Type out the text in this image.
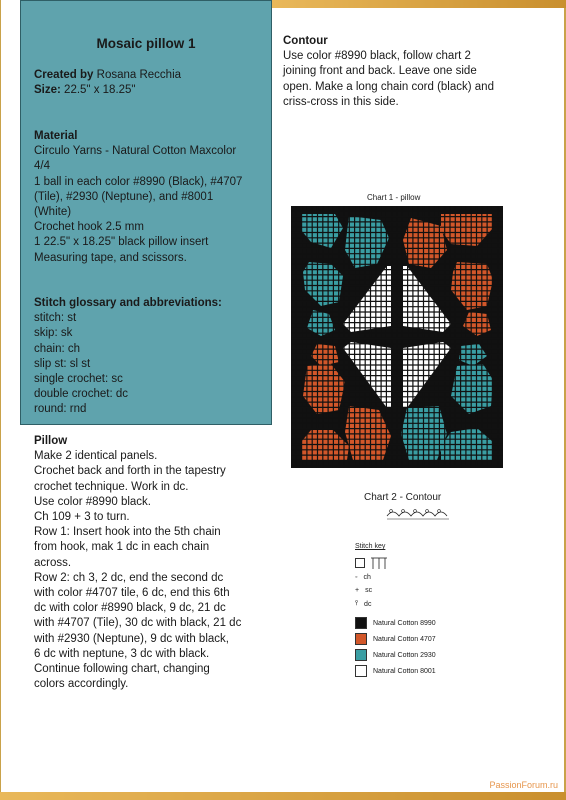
Mosaic pillow 1
Created by Rosana Recchia
Size: 22.5" x 18.25"
Material
Circulo Yarns - Natural Cotton Maxcolor
4/4
1 ball in each color #8990 (Black), #4707
(Tile), #2930 (Neptune), and #8001
(White)
Crochet hook 2.5 mm
1 22.5" x 18.25" black pillow insert
Measuring tape, and scissors.
Stitch glossary and abbreviations:
stitch: st
skip: sk
chain: ch
slip st: sl st
single crochet: sc
double crochet: dc
round: rnd
Pillow
Make 2 identical panels.
Crochet back and forth in the tapestry
crochet technique. Work in dc.
Use color #8990 black.
Ch 109 + 3 to turn.
Row 1: Insert hook into the 5th chain
from hook, mak 1 dc in each chain
across.
Row 2: ch 3, 2 dc, end the second dc
with color #4707 tile, 6 dc, end this 6th
dc with color #8990 black, 9 dc, 21 dc
with #4707 (Tile), 30 dc with black, 21 dc
with #2930 (Neptune), 9 dc with black,
6 dc with neptune, 3 dc with black.
Continue following chart, changing
colors accordingly.
Contour
Use color #8990 black, follow chart 2
joining front and back. Leave one side
open. Make a long chain cord (black) and
criss-cross in this side.
Chart 1 - pillow
Chart 2 - Contour
Stitch key
◦ ch
+ sc
⫯ dc
Natural Cotton 8990
Natural Cotton 4707
Natural Cotton 2930
Natural Cotton 8001
PassionForum.ru
